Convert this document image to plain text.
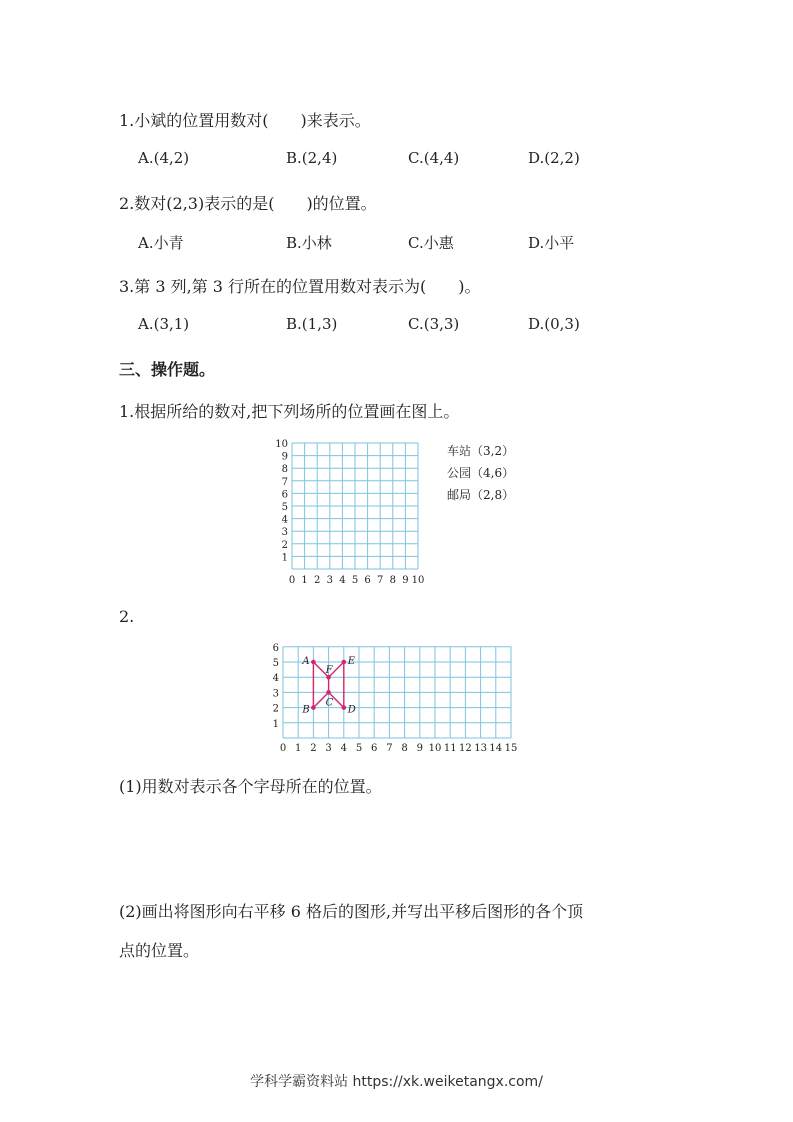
1.小斌的位置用数对(　　)来表示。
A.(4,2)	B.(2,4)	C.(4,4)	D.(2,2)
2.数对(2,3)表示的是(　　)的位置。
A.小青	B.小林	C.小惠	D.小平
3.第 3 列,第 3 行所在的位置用数对表示为(　　)。
A.(3,1)	B.(1,3)	C.(3,3)	D.(0,3)
三、操作题。
1.根据所给的数对,把下列场所的位置画在图上。
0 1 2 3 4 5 6 7 8 9 10
1
2
3
4
5
6
7
8
9
10	车站（3,2）
公园（4,6）
邮局（2,8）
2.
0 1 2 3 4 5 6 7 8 9 10 11 12 13 14 15
1
2
3
4
5
6
A	E
F
C
B	D
(1)用数对表示各个字母所在的位置。
(2)画出将图形向右平移 6 格后的图形,并写出平移后图形的各个顶
点的位置。
学科学霸资料站 https://xk.weiketangx.com/
